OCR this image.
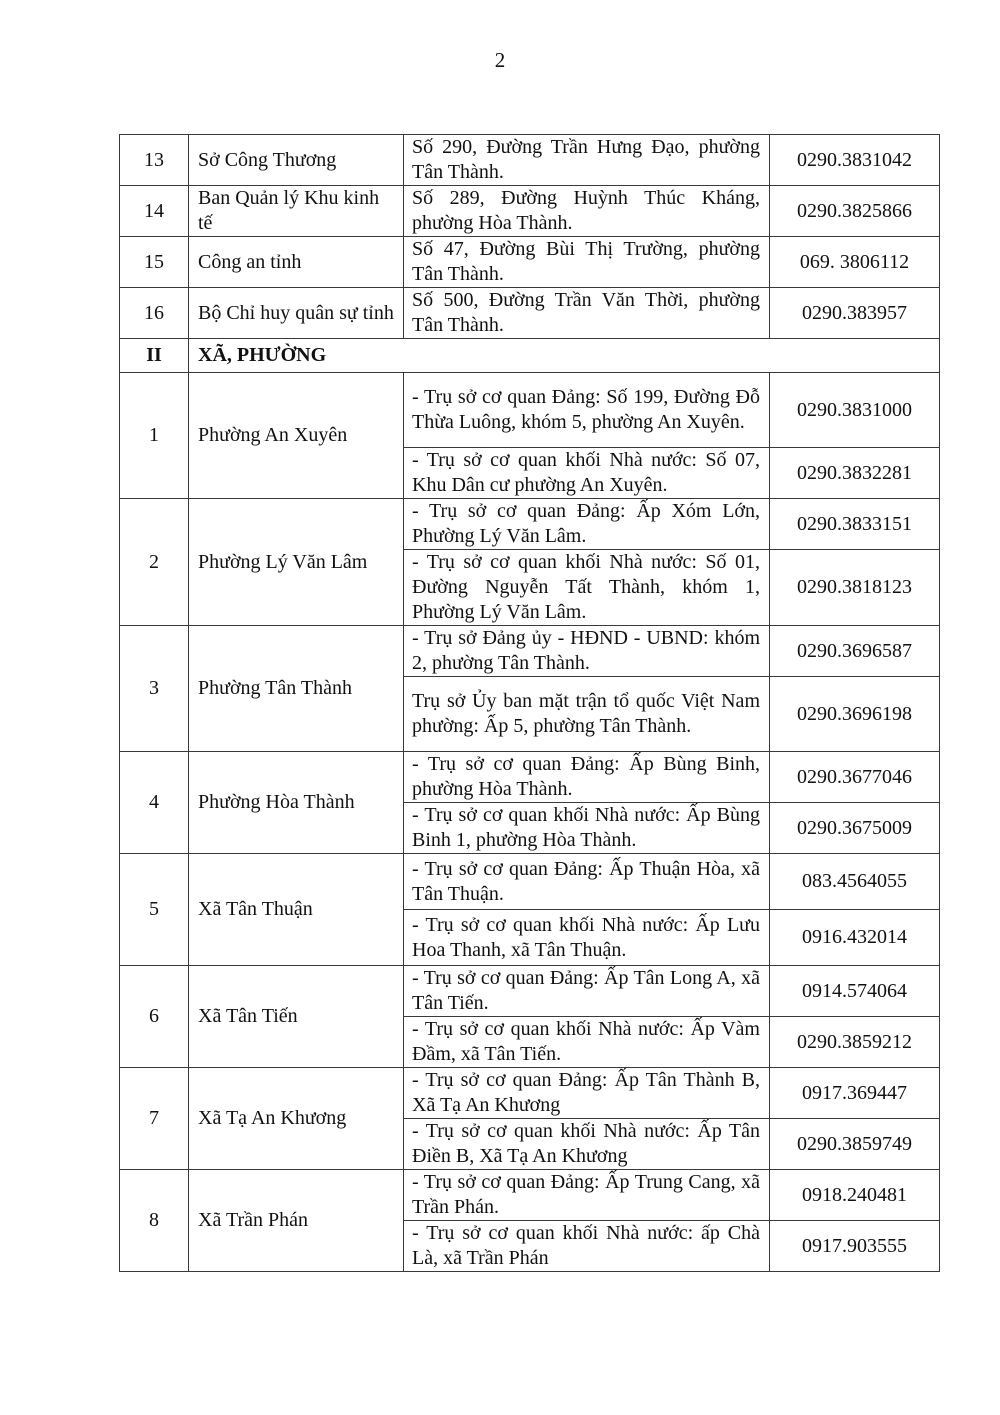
2
13	Sở Công Thương	Số 290, Đường Trần Hưng Đạo, phường Tân Thành.	0290.3831042
14	Ban Quản lý Khu kinh tế	Số 289, Đường Huỳnh Thúc Kháng, phường Hòa Thành.	0290.3825866
15	Công an tỉnh	Số 47, Đường Bùi Thị Trường, phường Tân Thành.	069. 3806112
16	Bộ Chỉ huy quân sự tỉnh	Số 500, Đường Trần Văn Thời, phường Tân Thành.	0290.383957
II	XÃ, PHƯỜNG		
1	Phường An Xuyên	- Trụ sở cơ quan Đảng: Số 199, Đường Đỗ Thừa Luông, khóm 5, phường An Xuyên.	0290.3831000
		- Trụ sở cơ quan khối Nhà nước: Số 07, Khu Dân cư phường An Xuyên.	0290.3832281
2	Phường Lý Văn Lâm	- Trụ sở cơ quan Đảng: Ấp Xóm Lớn, Phường Lý Văn Lâm.	0290.3833151
		- Trụ sở cơ quan khối Nhà nước: Số 01, Đường Nguyễn Tất Thành, khóm 1, Phường Lý Văn Lâm.	0290.3818123
3	Phường Tân Thành	- Trụ sở Đảng ủy - HĐND - UBND: khóm 2, phường Tân Thành.	0290.3696587
		Trụ sở Ủy ban mặt trận tổ quốc Việt Nam phường: Ấp 5, phường Tân Thành.	0290.3696198
4	Phường Hòa Thành	- Trụ sở cơ quan Đảng: Ấp Bùng Binh, phường Hòa Thành.	0290.3677046
		- Trụ sở cơ quan khối Nhà nước: Ấp Bùng Binh 1, phường Hòa Thành.	0290.3675009
5	Xã Tân Thuận	- Trụ sở cơ quan Đảng: Ấp Thuận Hòa, xã Tân Thuận.	083.4564055
		- Trụ sở cơ quan khối Nhà nước: Ấp Lưu Hoa Thanh, xã Tân Thuận.	0916.432014
6	Xã Tân Tiến	- Trụ sở cơ quan Đảng: Ấp Tân Long A, xã Tân Tiến.	0914.574064
		- Trụ sở cơ quan khối Nhà nước: Ấp Vàm Đầm, xã Tân Tiến.	0290.3859212
7	Xã Tạ An Khương	- Trụ sở cơ quan Đảng: Ấp Tân Thành B, Xã Tạ An Khương	0917.369447
		- Trụ sở cơ quan khối Nhà nước: Ấp Tân Điền B, Xã Tạ An Khương	0290.3859749
8	Xã Trần Phán	- Trụ sở cơ quan Đảng: Ấp Trung Cang, xã Trần Phán.	0918.240481
		- Trụ sở cơ quan khối Nhà nước: ấp Chà Là, xã Trần Phán	0917.903555
